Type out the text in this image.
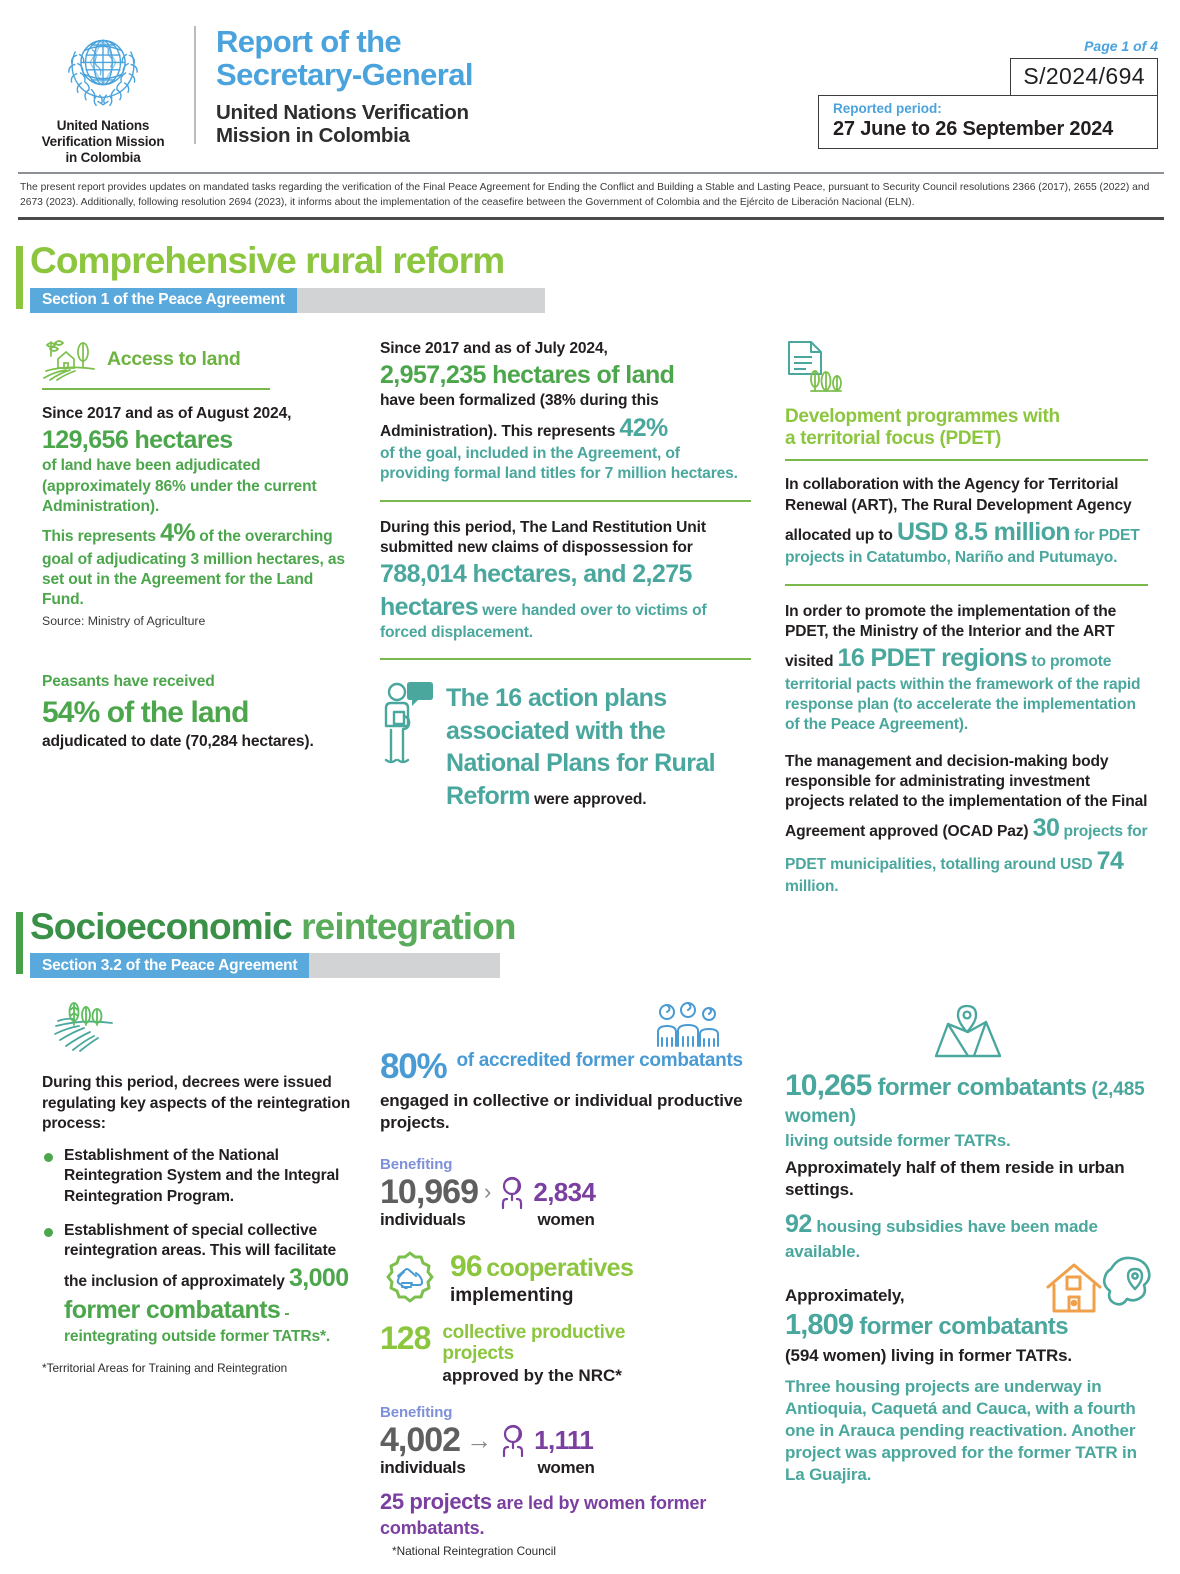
United Nations
Verification Mission
in Colombia
Report of the
Secretary-General
United Nations Verification
Mission in Colombia
Page 1 of 4
S/2024/694
Reported period:
27 June to 26 September 2024
The present report provides updates on mandated tasks regarding the verification of the Final Peace Agreement for Ending the Conflict and Building a Stable and Lasting Peace, pursuant to Security Council resolutions 2366 (2017), 2655 (2022) and 2673 (2023). Additionally, following resolution 2694 (2023), it informs about the implementation of the ceasefire between the Government of Colombia and the Ejército de Liberación Nacional (ELN).
Comprehensive rural reform
Section 1 of the Peace Agreement
Access to land

Since 2017 and as of August 2024,

129,656 hectares

of land have been adjudicated (approximately 86% under the current Administration).

This represents 4% of the overarching goal of adjudicating 3 million hectares, as set out in the Agreement for the Land Fund.

Source: Ministry of Agriculture

Peasants have received

54% of the land

adjudicated to date (70,284 hectares).

Since 2017 and as of July 2024,

2,957,235 hectares of land

have been formalized (38% during this Administration). This represents 42%

of the goal, included in the Agreement, of providing formal land titles for 7 million hectares.

During this period, The Land Restitution Unit submitted new claims of dispossession for 788,014 hectares, and 2,275 hectares were handed over to victims of forced displacement.

The 16 action plans associated with the National Plans for Rural Reform were approved.

Development programmes with
a territorial focus (PDET)

In collaboration with the Agency for Territorial Renewal (ART), The Rural Development Agency allocated up to USD 8.5 million for PDET projects in Catatumbo, Nariño and Putumayo.

In order to promote the implementation of the PDET, the Ministry of the Interior and the ART visited 16 PDET regions to promote territorial pacts within the framework of the rapid response plan (to accelerate the implementation of the Peace Agreement).

The management and decision-making body responsible for administrating investment projects related to the implementation of the Final Agreement approved (OCAD Paz) 30 projects for PDET municipalities, totalling around USD 74 million.

Socioeconomic reintegration
Section 3.2 of the Peace Agreement

During this period, decrees were issued regulating key aspects of the reintegration process:

Establishment of the National Reintegration System and the Integral Reintegration Program.
Establishment of special collective reintegration areas. This will facilitate the inclusion of approximately 3,000 former combatants - reintegrating outside former TATRs*.
*Territorial Areas for Training and Reintegration
80% of accredited former combatants

engaged in collective or individual productive projects.

Benefiting
10,969 › 2,834
individuals	women
96 cooperatives
implementing
128 collective productive projects
approved by the NRC*
Benefiting
4,002 → 1,111
individuals	women

25 projects are led by women former combatants.

*National Reintegration Council

10,265 former combatants (2,485 women)

living outside former TATRs.

Approximately half of them reside in urban settings.

92 housing subsidies have been made available.

Approximately,

1,809 former combatants

(594 women) living in former TATRs.

Three housing projects are underway in Antioquia, Caquetá and Cauca, with a fourth one in Arauca pending reactivation. Another project was approved for the former TATR in La Guajira.
